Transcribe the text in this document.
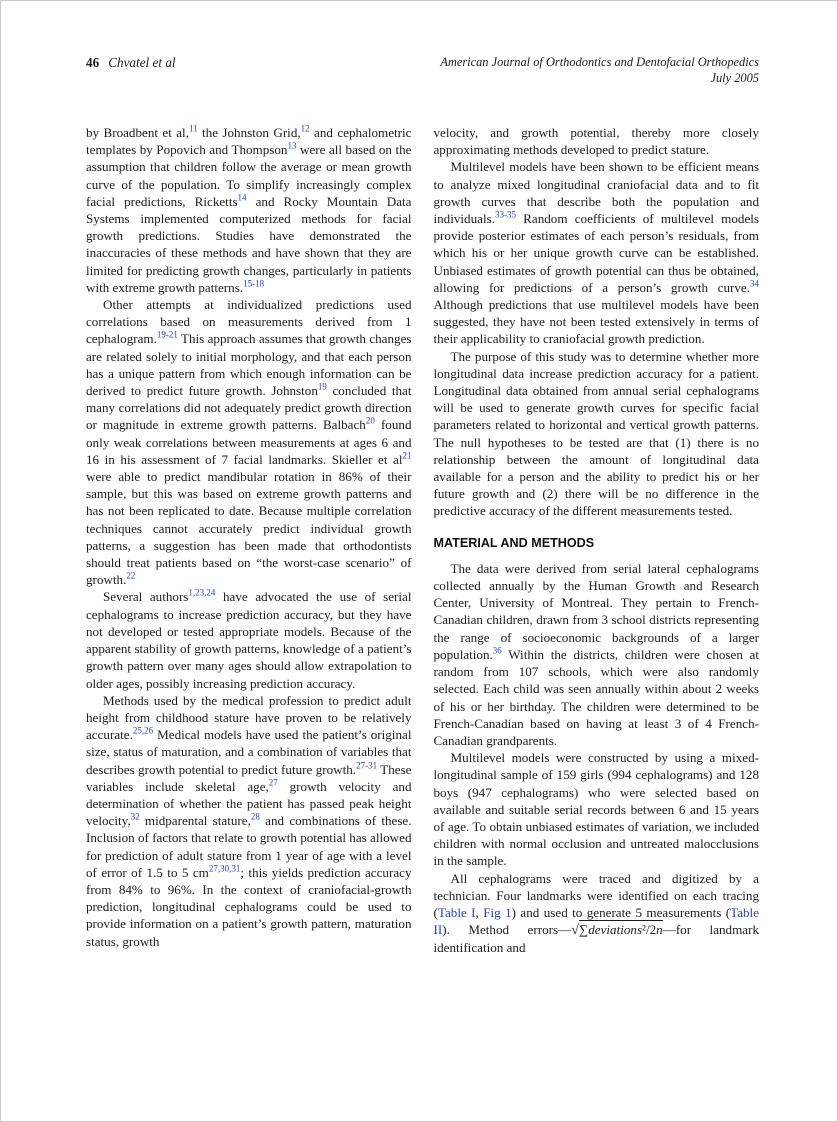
46 Chvatel et al	American Journal of Orthodontics and Dentofacial Orthopedics
July 2005

by Broadbent et al,$^{11}$ the Johnston Grid,$^{12}$ and cephalometric templates by Popovich and Thompson$^{13}$ were all based on the assumption that children follow the average or mean growth curve of the population. To simplify increasingly complex facial predictions, Ricketts$^{14}$ and Rocky Mountain Data Systems implemented computerized methods for facial growth predictions. Studies have demonstrated the inaccuracies of these methods and have shown that they are limited for predicting growth changes, particularly in patients with extreme growth patterns.$^{15-18}$

Other attempts at individualized predictions used correlations based on measurements derived from 1 cephalogram.$^{19-21}$ This approach assumes that growth changes are related solely to initial morphology, and that each person has a unique pattern from which enough information can be derived to predict future growth. Johnston$^{19}$ concluded that many correlations did not adequately predict growth direction or magnitude in extreme growth patterns. Balbach$^{20}$ found only weak correlations between measurements at ages 6 and 16 in his assessment of 7 facial landmarks. Skieller et al$^{21}$ were able to predict mandibular rotation in 86% of their sample, but this was based on extreme growth patterns and has not been replicated to date. Because multiple correlation techniques cannot accurately predict individual growth patterns, a suggestion has been made that orthodontists should treat patients based on “the worst-case scenario” of growth.$^{22}$

Several authors$^{1,23,24}$ have advocated the use of serial cephalograms to increase prediction accuracy, but they have not developed or tested appropriate models. Because of the apparent stability of growth patterns, knowledge of a patient’s growth pattern over many ages should allow extrapolation to older ages, possibly increasing prediction accuracy.

Methods used by the medical profession to predict adult height from childhood stature have proven to be relatively accurate.$^{25,26}$ Medical models have used the patient’s original size, status of maturation, and a combination of variables that describes growth potential to predict future growth.$^{27-31}$ These variables include skeletal age,$^{27}$ growth velocity and determination of whether the patient has passed peak height velocity,$^{32}$ midparental stature,$^{28}$ and combinations of these. Inclusion of factors that relate to growth potential has allowed for prediction of adult stature from 1 year of age with a level of error of 1.5 to 5 cm$^{27,30,31}$; this yields prediction accuracy from 84% to 96%. In the context of craniofacial-growth prediction, longitudinal cephalograms could be used to provide information on a patient’s growth pattern, maturation status, growth

velocity, and growth potential, thereby more closely approximating methods developed to predict stature.

Multilevel models have been shown to be efficient means to analyze mixed longitudinal craniofacial data and to fit growth curves that describe both the population and individuals.$^{33-35}$ Random coefficients of multilevel models provide posterior estimates of each person’s residuals, from which his or her unique growth curve can be established. Unbiased estimates of growth potential can thus be obtained, allowing for predictions of a person’s growth curve.$^{34}$ Although predictions that use multilevel models have been suggested, they have not been tested extensively in terms of their applicability to craniofacial growth prediction.

The purpose of this study was to determine whether more longitudinal data increase prediction accuracy for a patient. Longitudinal data obtained from annual serial cephalograms will be used to generate growth curves for specific facial parameters related to horizontal and vertical growth patterns. The null hypotheses to be tested are that (1) there is no relationship between the amount of longitudinal data available for a person and the ability to predict his or her future growth and (2) there will be no difference in the predictive accuracy of the different measurements tested.

MATERIAL AND METHODS

The data were derived from serial lateral cephalograms collected annually by the Human Growth and Research Center, University of Montreal. They pertain to French-Canadian children, drawn from 3 school districts representing the range of socioeconomic backgrounds of a larger population.$^{36}$ Within the districts, children were chosen at random from 107 schools, which were also randomly selected. Each child was seen annually within about 2 weeks of his or her birthday. The children were determined to be French-Canadian based on having at least 3 of 4 French-Canadian grandparents.

Multilevel models were constructed by using a mixed-longitudinal sample of 159 girls (994 cephalograms) and 128 boys (947 cephalograms) who were selected based on available and suitable serial records between 6 and 15 years of age. To obtain unbiased estimates of variation, we included children with normal occlusion and untreated malocclusions in the sample.

All cephalograms were traced and digitized by a technician. Four landmarks were identified on each tracing (Table I, Fig 1) and used to generate 5 measurements (Table II). Method errors—√∑deviations²/2n—for landmark identification and
